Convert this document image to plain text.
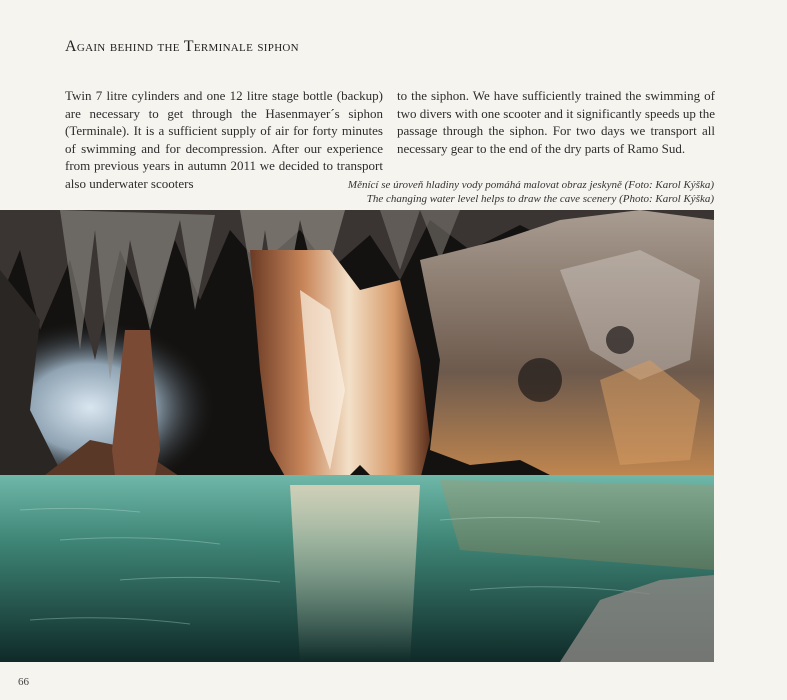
Again behind the Terminale siphon
Twin 7 litre cylinders and one 12 litre stage bottle (backup) are necessary to get through the Hasenmayer´s siphon (Terminale). It is a sufficient supply of air for forty minutes of swimming and for decompression. After our experience from previous years in autumn 2011 we decided to transport also underwater scooters
to the siphon. We have sufficiently trained the swimming of two divers with one scooter and it significantly speeds up the passage through the siphon. For two days we transport all necessary gear to the end of the dry parts of Ramo Sud.
Měnící se úroveň hladiny vody pomáhá malovat obraz jeskyně (Foto: Karol Kýška)
The changing water level helps to draw the cave scenery (Photo: Karol Kýška)
66
